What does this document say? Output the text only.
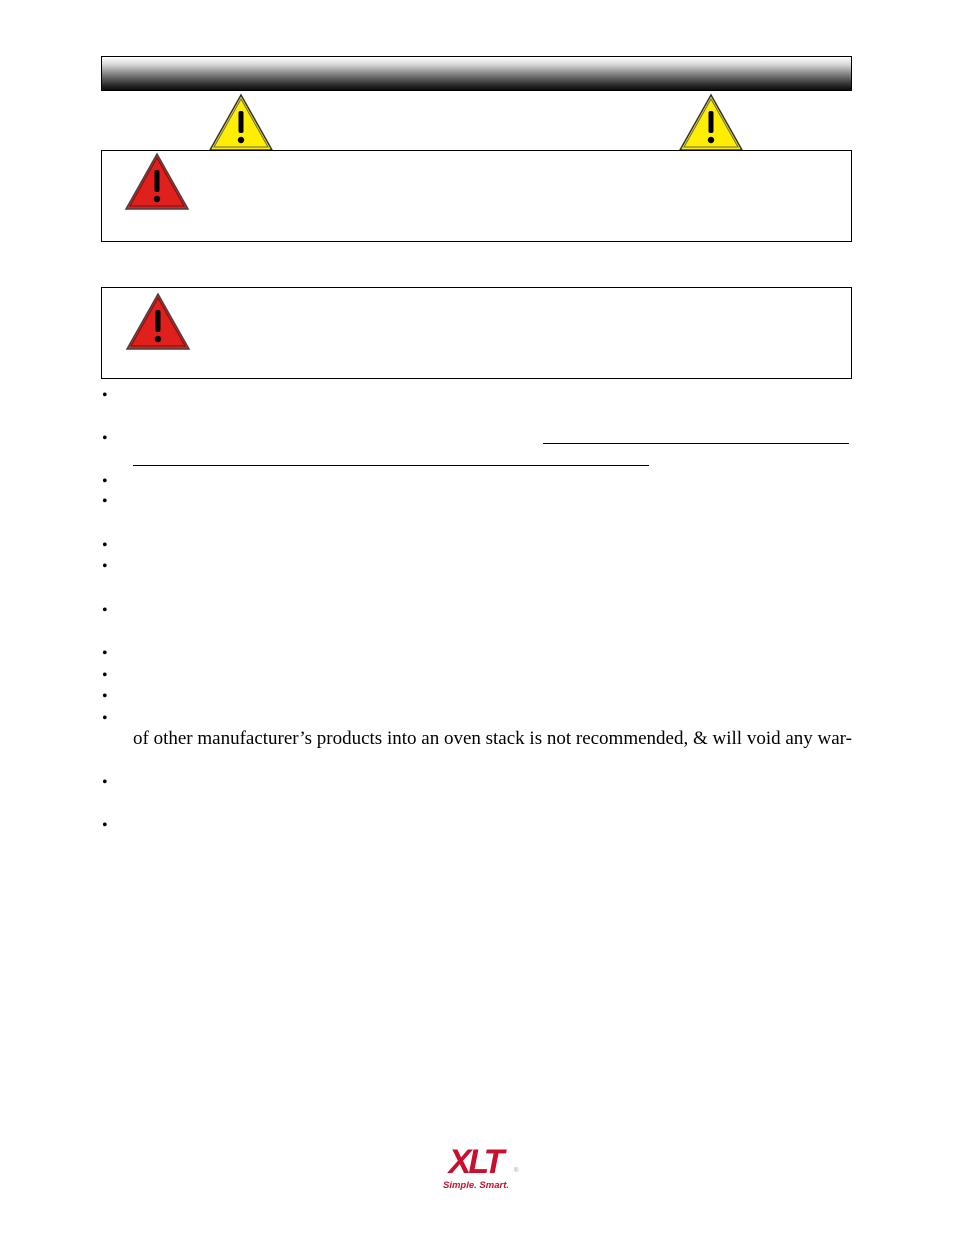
•
•
•
•
•
•
•
•
•
•
•
•
•
of other manufacturer’s products into an oven stack is not recommended, & will void any war-
XLT	®
Simple. Smart.
